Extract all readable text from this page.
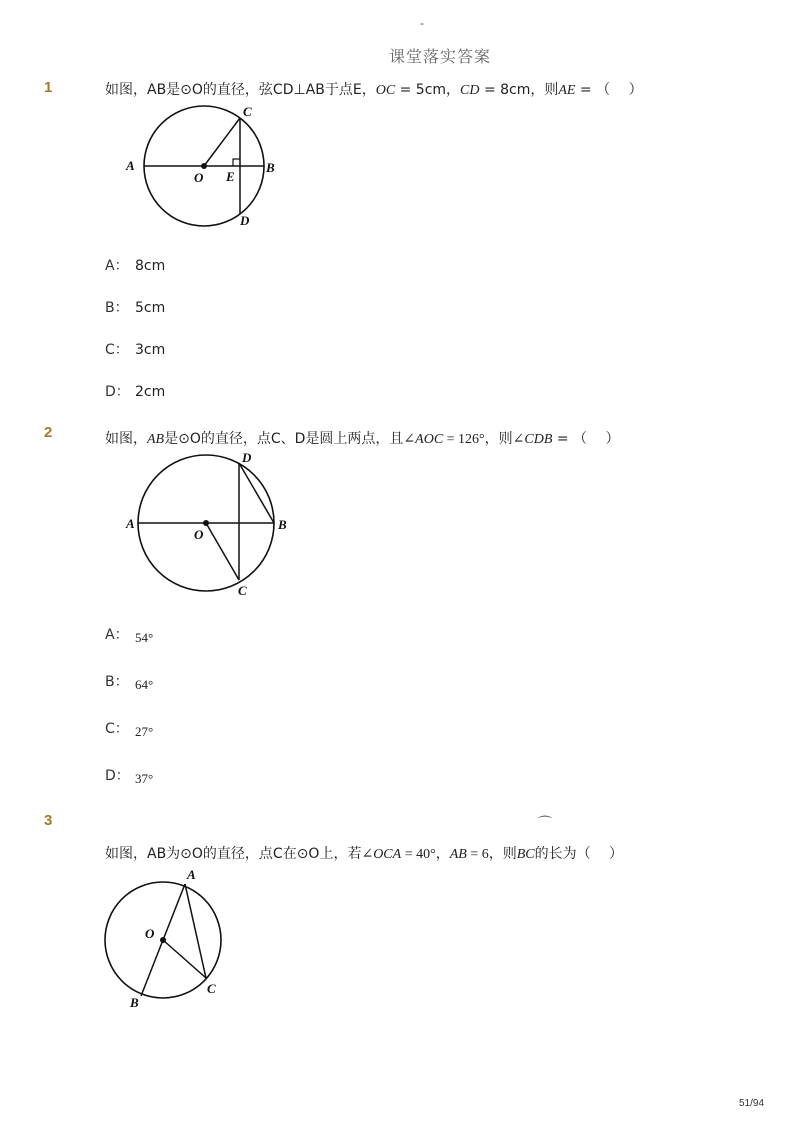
-
课堂落实答案
1	如图，AB是⊙O的直径，弦CD⊥AB于点E，OC = 5cm，CD = 8cm，则AE = （　 ）
A	B
C
D
E
O
A： 8cm
B： 5cm
C： 3cm
D： 2cm
2	如图，AB是⊙O的直径，点C、D是圆上两点，且∠AOC = 126°，则∠CDB = （　 ）
A	B
C
D
O
A： 54°
B： 64°
C： 27°
D： 37°
3	⌒
如图，AB为⊙O的直径，点C在⊙O上，若∠OCA = 40°，AB = 6，则BC的长为（　 ）
A
B
C
O
51/94
